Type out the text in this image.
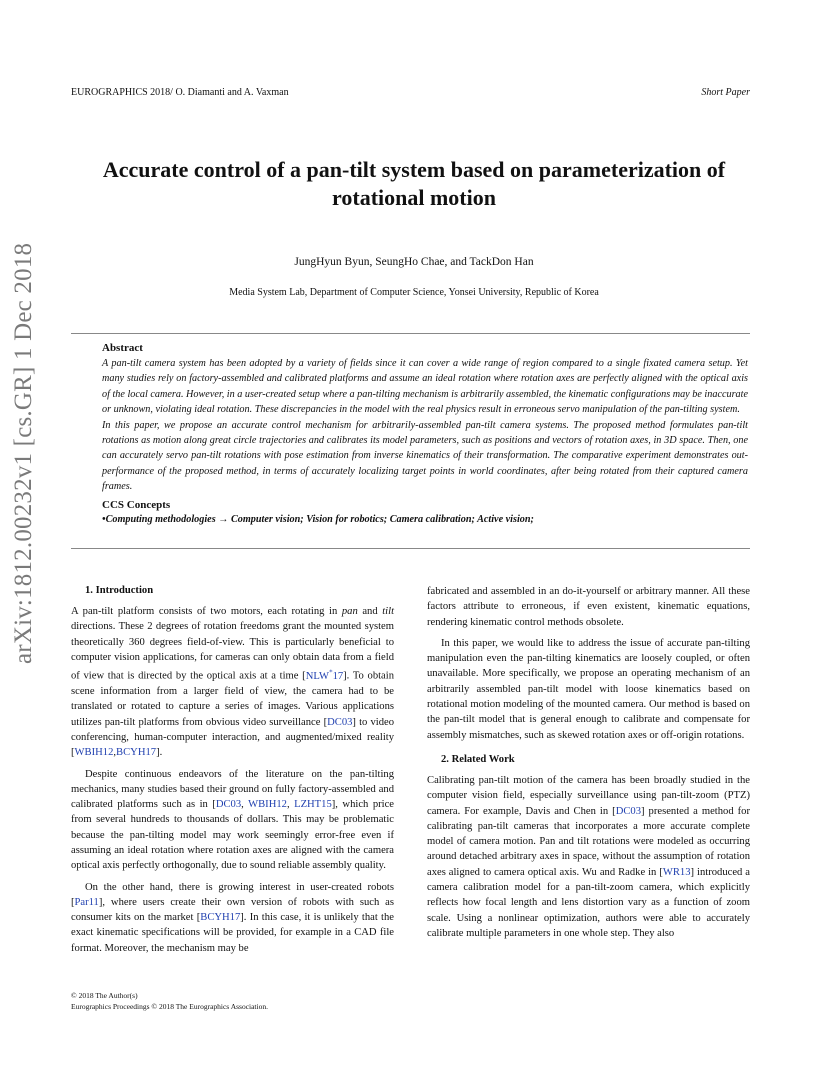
EUROGRAPHICS 2018/ O. Diamanti and A. Vaxman	Short Paper
arXiv:1812.00232v1 [cs.GR] 1 Dec 2018
Accurate control of a pan-tilt system based on parameterization of rotational motion
JungHyun Byun, SeungHo Chae, and TackDon Han
Media System Lab, Department of Computer Science, Yonsei University, Republic of Korea

Abstract

A pan-tilt camera system has been adopted by a variety of fields since it can cover a wide range of region compared to a single fixated camera setup. Yet many studies rely on factory-assembled and calibrated platforms and assume an ideal rotation where rotation axes are perfectly aligned with the optical axis of the local camera. However, in a user-created setup where a pan-tilting mechanism is arbitrarily assembled, the kinematic configurations may be inaccurate or unknown, violating ideal rotation. These discrepancies in the model with the real physics result in erroneous servo manipulation of the pan-tilting system.

In this paper, we propose an accurate control mechanism for arbitrarily-assembled pan-tilt camera systems. The proposed method formulates pan-tilt rotations as motion along great circle trajectories and calibrates its model parameters, such as positions and vectors of rotation axes, in 3D space. Then, one can accurately servo pan-tilt rotations with pose estimation from inverse kinematics of their transformation. The comparative experiment demonstrates out-performance of the proposed method, in terms of accurately localizing target points in world coordinates, after being rotated from their captured camera frames.

CCS Concepts

•Computing methodologies → Computer vision; Vision for robotics; Camera calibration; Active vision;

1. Introduction

A pan-tilt platform consists of two motors, each rotating in pan and tilt directions. These 2 degrees of rotation freedoms grant the mounted system theoretically 360 degrees field-of-view. This is particularly beneficial to computer vision applications, for cameras can only obtain data from a field of view that is directed by the optical axis at a time [NLW*17]. To obtain scene information from a larger field of view, the camera had to be translated or rotated to capture a series of images. Various applications utilizes pan-tilt platforms from obvious video surveillance [DC03] to video conferencing, human-computer interaction, and augmented/mixed reality [WBIH12,BCYH17].

Despite continuous endeavors of the literature on the pan-tilting mechanics, many studies based their ground on fully factory-assembled and calibrated platforms such as in [DC03, WBIH12, LZHT15], which price from several hundreds to thousands of dollars. This may be problematic because the pan-tilting model may work seemingly error-free even if assuming an ideal rotation where rotation axes are aligned with the camera optical axis perfectly orthogonally, due to sound reliable assembly quality.

On the other hand, there is growing interest in user-created robots [Par11], where users create their own version of robots with such as consumer kits on the market [BCYH17]. In this case, it is unlikely that the exact kinematic specifications will be provided, for example in a CAD file format. Moreover, the mechanism may be

fabricated and assembled in an do-it-yourself or arbitrary manner. All these factors attribute to erroneous, if even existent, kinematic equations, rendering kinematic control methods obsolete.

In this paper, we would like to address the issue of accurate pan-tilting manipulation even the pan-tilting kinematics are loosely coupled, or often unavailable. More specifically, we propose an operating mechanism of an arbitrarily assembled pan-tilt model with loose kinematics based on rotational motion modeling of the mounted camera. Our method is based on the pan-tilt model that is general enough to calibrate and compensate for assembly mismatches, such as skewed rotation axes or off-origin rotations.

2. Related Work

Calibrating pan-tilt motion of the camera has been broadly studied in the computer vision field, especially surveillance using pan-tilt-zoom (PTZ) camera. For example, Davis and Chen in [DC03] presented a method for calibrating pan-tilt cameras that incorporates a more accurate complete model of camera motion. Pan and tilt rotations were modeled as occurring around detached arbitrary axes in space, without the assumption of rotation axes aligned to camera optical axis. Wu and Radke in [WR13] introduced a camera calibration model for a pan-tilt-zoom camera, which explicitly reflects how focal length and lens distortion vary as a function of zoom scale. Using a nonlinear optimization, authors were able to accurately calibrate multiple parameters in one whole step. They also

© 2018 The Author(s)
Eurographics Proceedings © 2018 The Eurographics Association.
